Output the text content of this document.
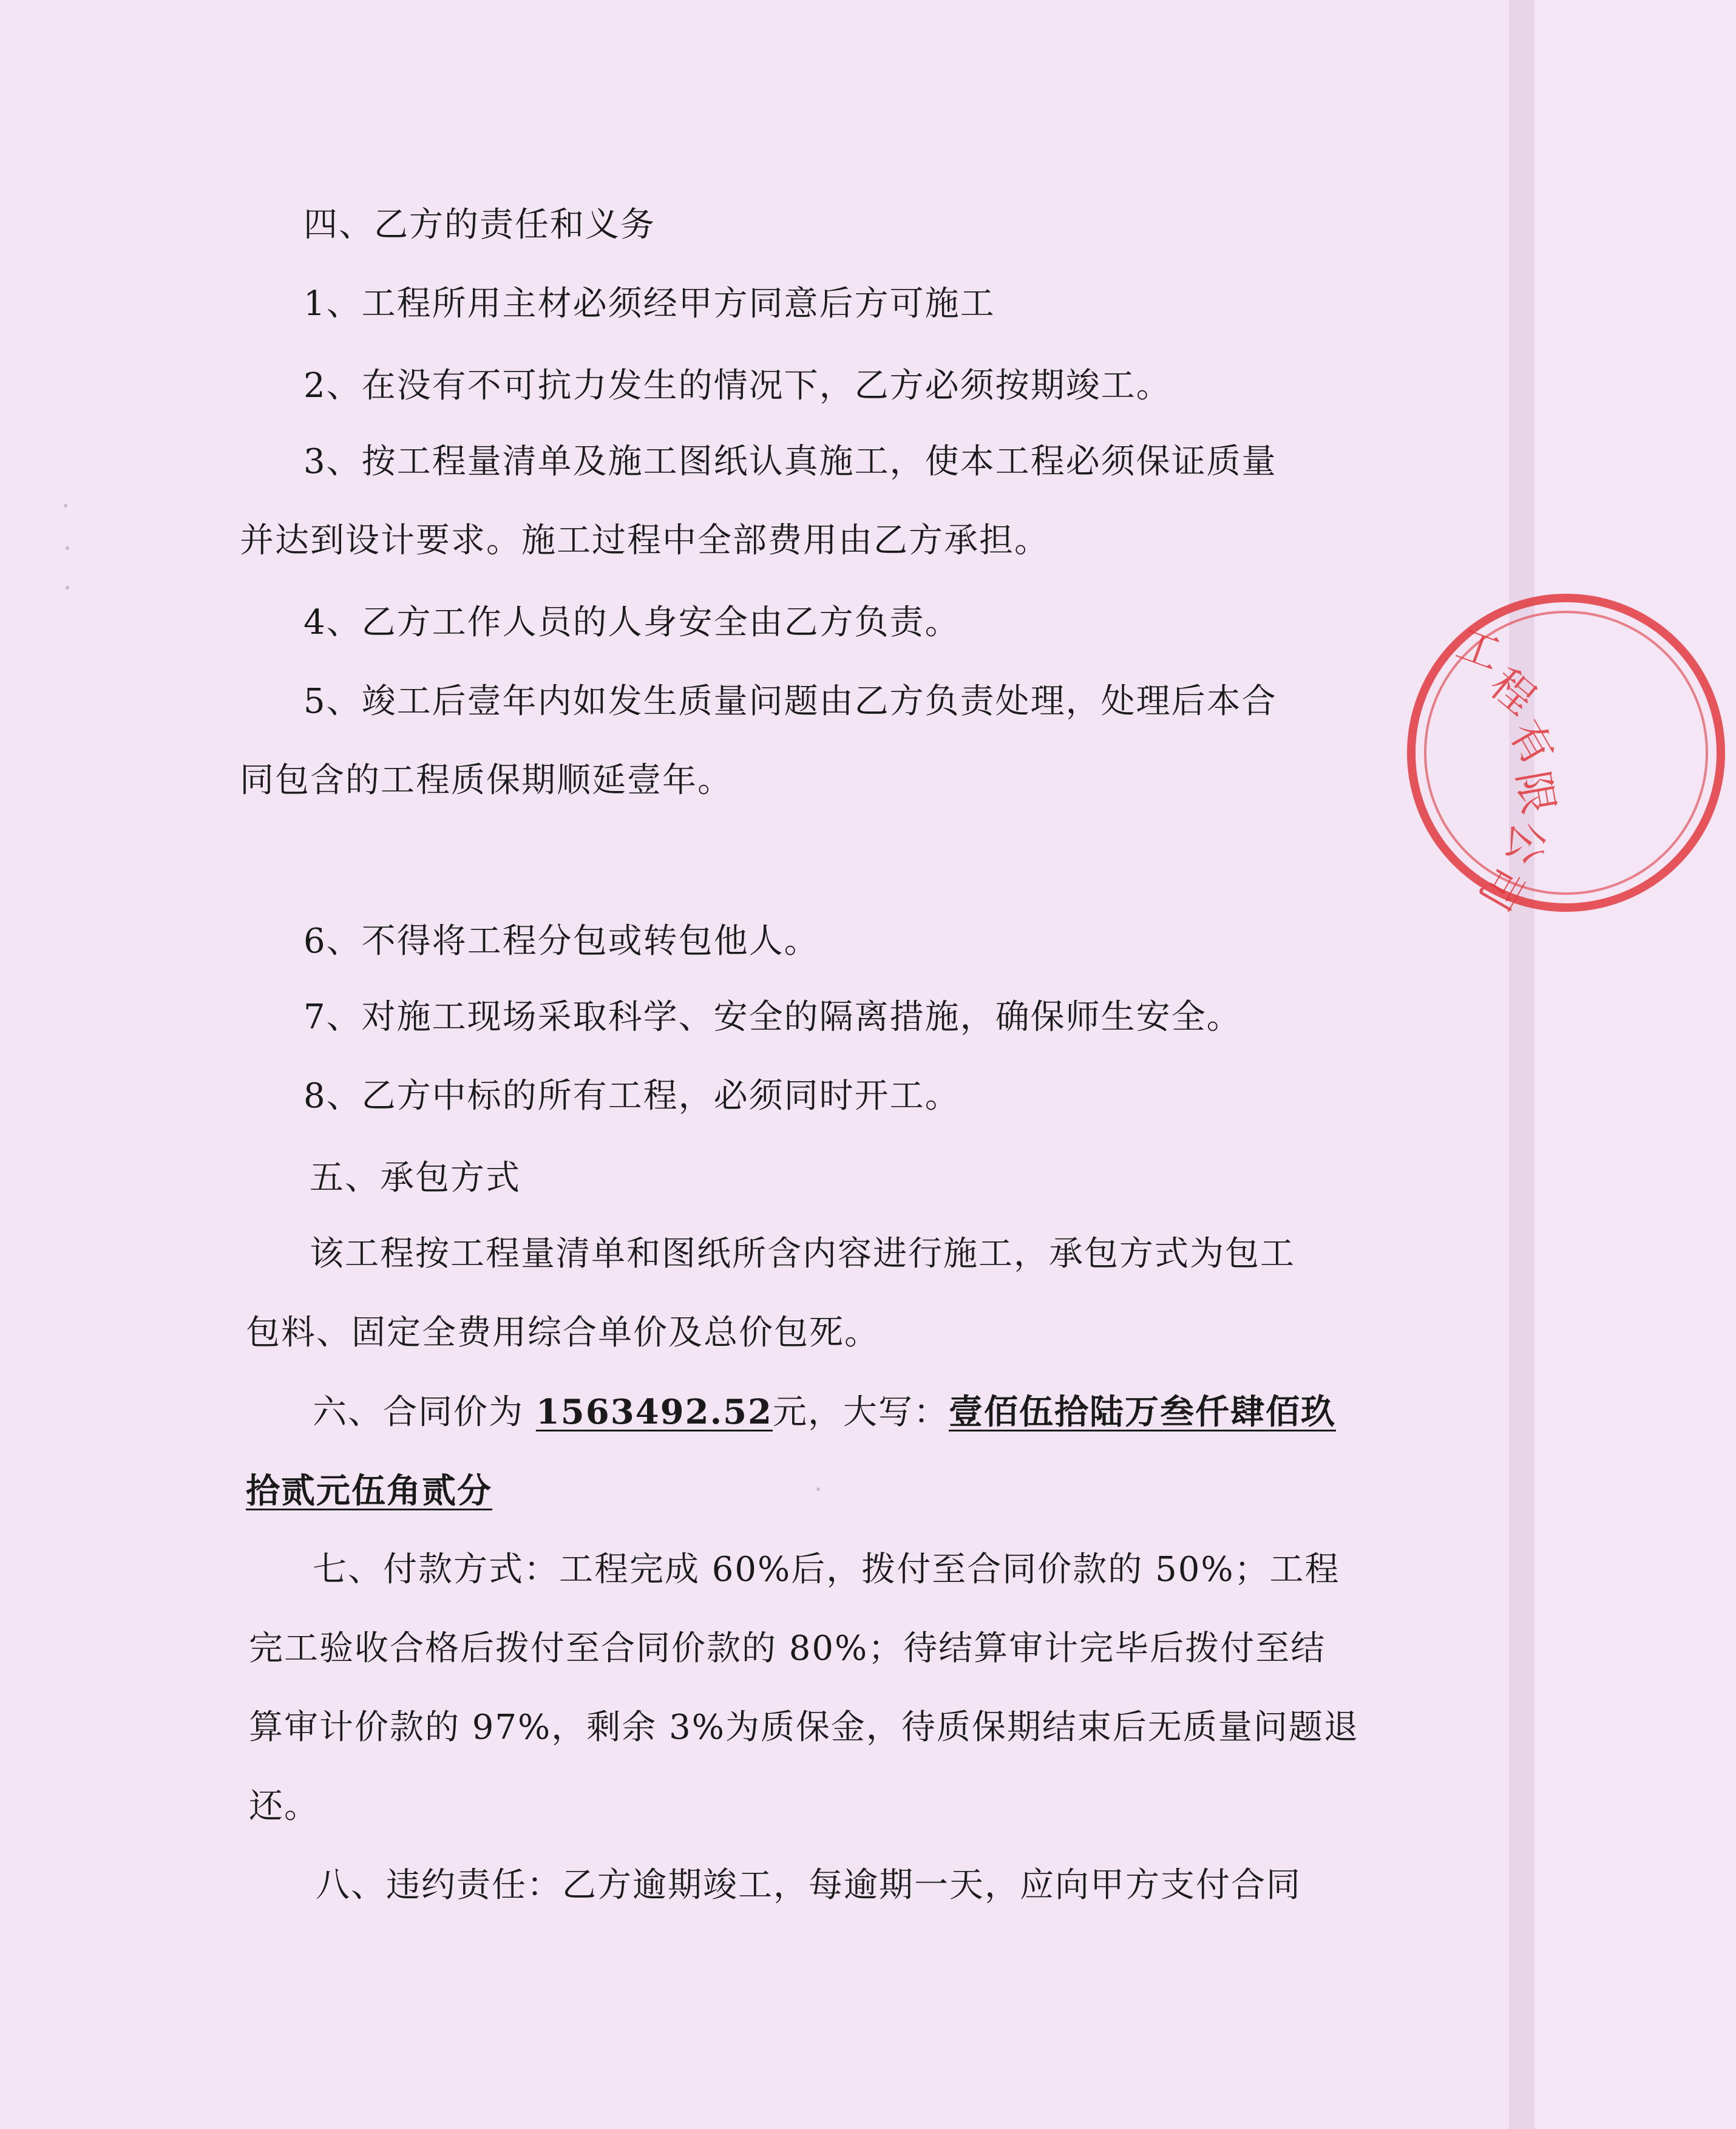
四、乙方的责任和义务
1、工程所用主材必须经甲方同意后方可施工
2、在没有不可抗力发生的情况下，乙方必须按期竣工。
3、按工程量清单及施工图纸认真施工，使本工程必须保证质量
并达到设计要求。施工过程中全部费用由乙方承担。
4、乙方工作人员的人身安全由乙方负责。
5、竣工后壹年内如发生质量问题由乙方负责处理，处理后本合
同包含的工程质保期顺延壹年。
6、不得将工程分包或转包他人。
7、对施工现场采取科学、安全的隔离措施，确保师生安全。
8、乙方中标的所有工程，必须同时开工。
五、承包方式
该工程按工程量清单和图纸所含内容进行施工，承包方式为包工
包料、固定全费用综合单价及总价包死。
六、合同价为 1563492.52元，大写：壹佰伍拾陆万叁仟肆佰玖
拾贰元伍角贰分
七、付款方式：工程完成 60%后，拨付至合同价款的 50%；工程
完工验收合格后拨付至合同价款的 80%；待结算审计完毕后拨付至结
算审计价款的 97%，剩余 3%为质保金，待质保期结束后无质量问题退
还。
八、违约责任：乙方逾期竣工，每逾期一天，应向甲方支付合同
工
程
有
限
公
司
